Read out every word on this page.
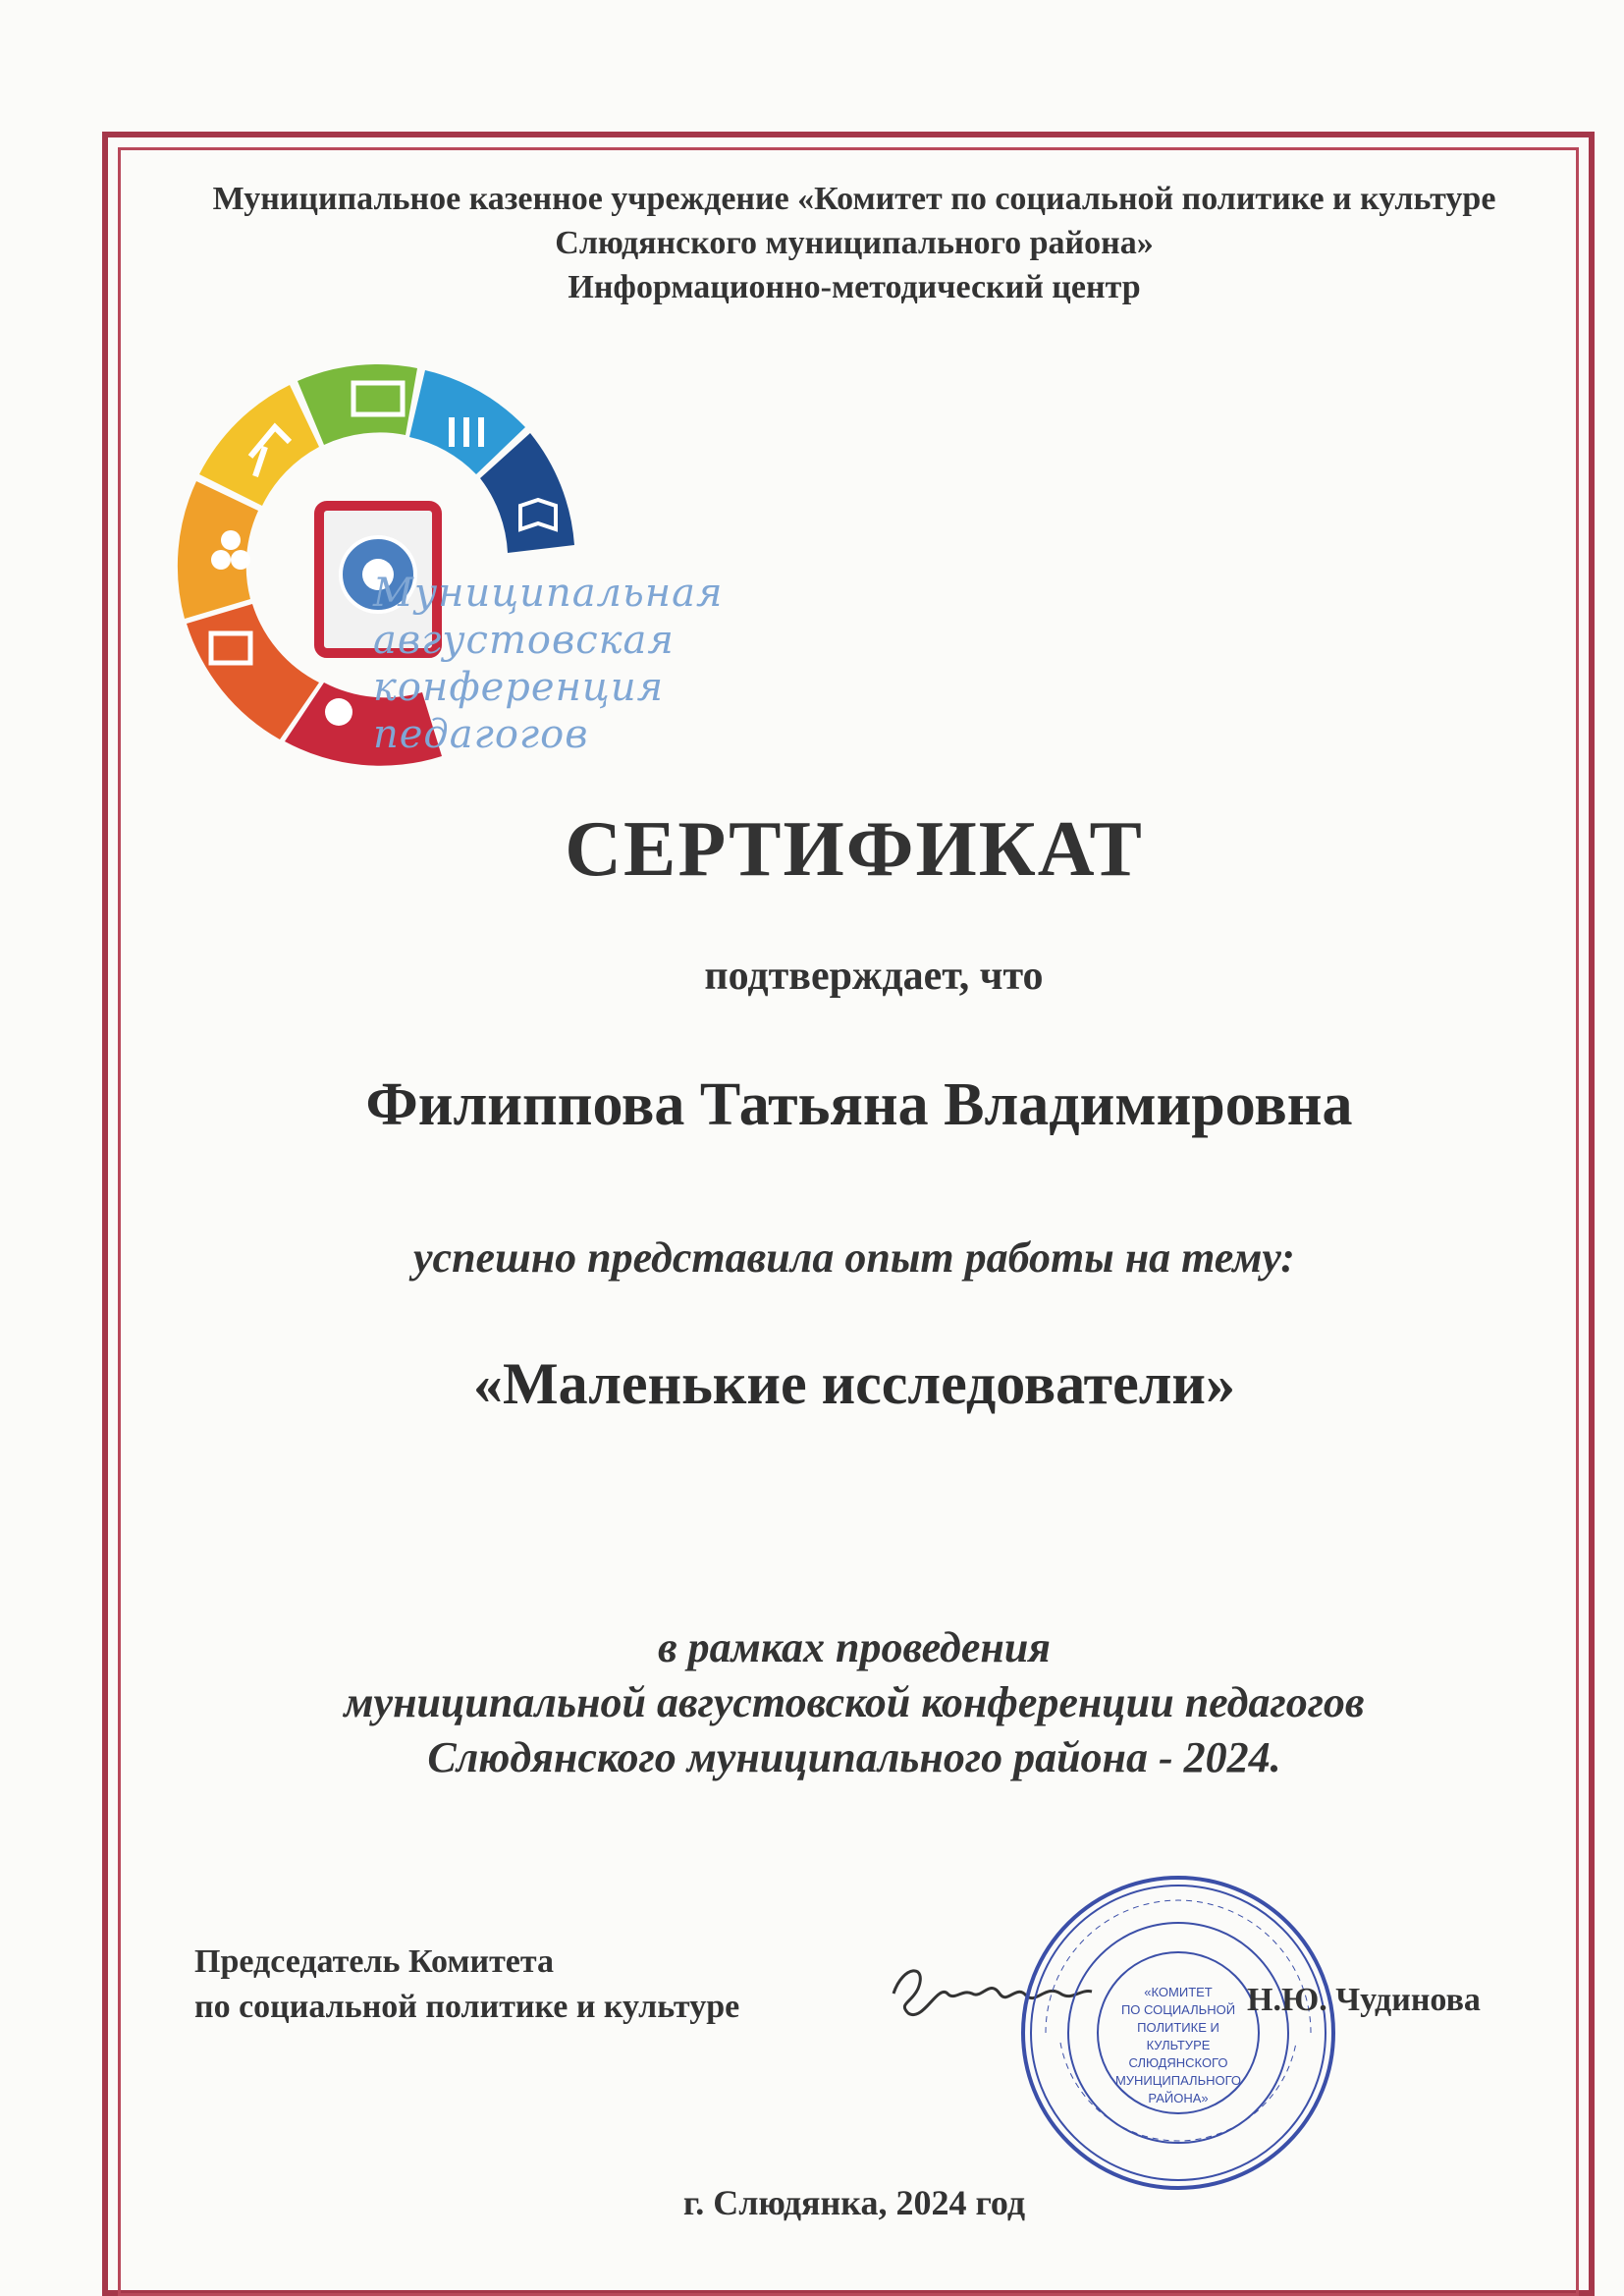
Муниципальное казенное учреждение «Комитет по социальной политике и культуре
Слюдянского муниципального района»
Информационно-методический центр
Муниципальная
августовская
конференция
педагогов
СЕРТИФИКАТ
подтверждает, что
Филиппова Татьяна Владимировна
успешно представила опыт работы на тему:
«Маленькие исследователи»
в рамках проведения
муниципальной августовской конференции педагогов
Слюдянского муниципального района - 2024.
Председатель Комитета
по социальной политике и культуре	«КОМИТЕТ
ПО СОЦИАЛЬНОЙ
ПОЛИТИКЕ И КУЛЬТУРЕ
СЛЮДЯНСКОГО
МУНИЦИПАЛЬНОГО
РАЙОНА»
Н.Ю. Чудинова
г. Слюдянка, 2024 год
